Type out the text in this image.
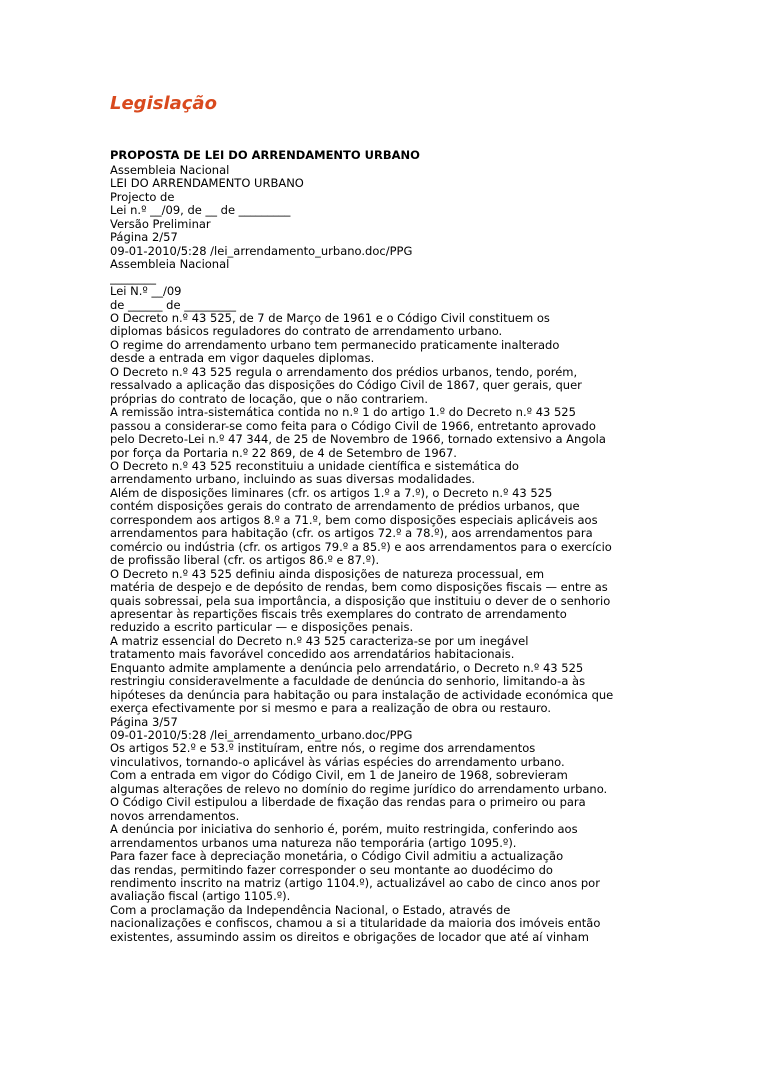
Legislação
PROPOSTA DE LEI DO ARRENDAMENTO URBANO
Assembleia Nacional
LEI DO ARRENDAMENTO URBANO
Projecto de
Lei n.º __/09, de __ de _________
Versão Preliminar
Página 2/57
09-01-2010/5:28 /lei_arrendamento_urbano.doc/PPG
Assembleia Nacional
________
Lei N.º __/09
de ______ de _________
O Decreto n.º 43 525, de 7 de Março de 1961 e o Código Civil constituem os
diplomas básicos reguladores do contrato de arrendamento urbano.
O regime do arrendamento urbano tem permanecido praticamente inalterado
desde a entrada em vigor daqueles diplomas.
O Decreto n.º 43 525 regula o arrendamento dos prédios urbanos, tendo, porém,
ressalvado a aplicação das disposições do Código Civil de 1867, quer gerais, quer
próprias do contrato de locação, que o não contrariem.
A remissão intra-sistemática contida no n.º 1 do artigo 1.º do Decreto n.º 43 525
passou a considerar-se como feita para o Código Civil de 1966, entretanto aprovado
pelo Decreto-Lei n.º 47 344, de 25 de Novembro de 1966, tornado extensivo a Angola
por força da Portaria n.º 22 869, de 4 de Setembro de 1967.
O Decreto n.º 43 525 reconstituiu a unidade científica e sistemática do
arrendamento urbano, incluindo as suas diversas modalidades.
Além de disposições liminares (cfr. os artigos 1.º a 7.º), o Decreto n.º 43 525
contém disposições gerais do contrato de arrendamento de prédios urbanos, que
correspondem aos artigos 8.º a 71.º, bem como disposições especiais aplicáveis aos
arrendamentos para habitação (cfr. os artigos 72.º a 78.º), aos arrendamentos para
comércio ou indústria (cfr. os artigos 79.º a 85.º) e aos arrendamentos para o exercício
de profissão liberal (cfr. os artigos 86.º e 87.º).
O Decreto n.º 43 525 definiu ainda disposições de natureza processual, em
matéria de despejo e de depósito de rendas, bem como disposições fiscais — entre as
quais sobressai, pela sua importância, a disposição que instituiu o dever de o senhorio
apresentar às repartições fiscais três exemplares do contrato de arrendamento
reduzido a escrito particular — e disposições penais.
A matriz essencial do Decreto n.º 43 525 caracteriza-se por um inegável
tratamento mais favorável concedido aos arrendatários habitacionais.
Enquanto admite amplamente a denúncia pelo arrendatário, o Decreto n.º 43 525
restringiu consideravelmente a faculdade de denúncia do senhorio, limitando-a às
hipóteses da denúncia para habitação ou para instalação de actividade económica que
exerça efectivamente por si mesmo e para a realização de obra ou restauro.
Página 3/57
09-01-2010/5:28 /lei_arrendamento_urbano.doc/PPG
Os artigos 52.º e 53.º instituíram, entre nós, o regime dos arrendamentos
vinculativos, tornando-o aplicável às várias espécies do arrendamento urbano.
Com a entrada em vigor do Código Civil, em 1 de Janeiro de 1968, sobrevieram
algumas alterações de relevo no domínio do regime jurídico do arrendamento urbano.
O Código Civil estipulou a liberdade de fixação das rendas para o primeiro ou para
novos arrendamentos.
A denúncia por iniciativa do senhorio é, porém, muito restringida, conferindo aos
arrendamentos urbanos uma natureza não temporária (artigo 1095.º).
Para fazer face à depreciação monetária, o Código Civil admitiu a actualização
das rendas, permitindo fazer corresponder o seu montante ao duodécimo do
rendimento inscrito na matriz (artigo 1104.º), actualizável ao cabo de cinco anos por
avaliação fiscal (artigo 1105.º).
Com a proclamação da Independência Nacional, o Estado, através de
nacionalizações e confiscos, chamou a si a titularidade da maioria dos imóveis então
existentes, assumindo assim os direitos e obrigações de locador que até aí vinham
